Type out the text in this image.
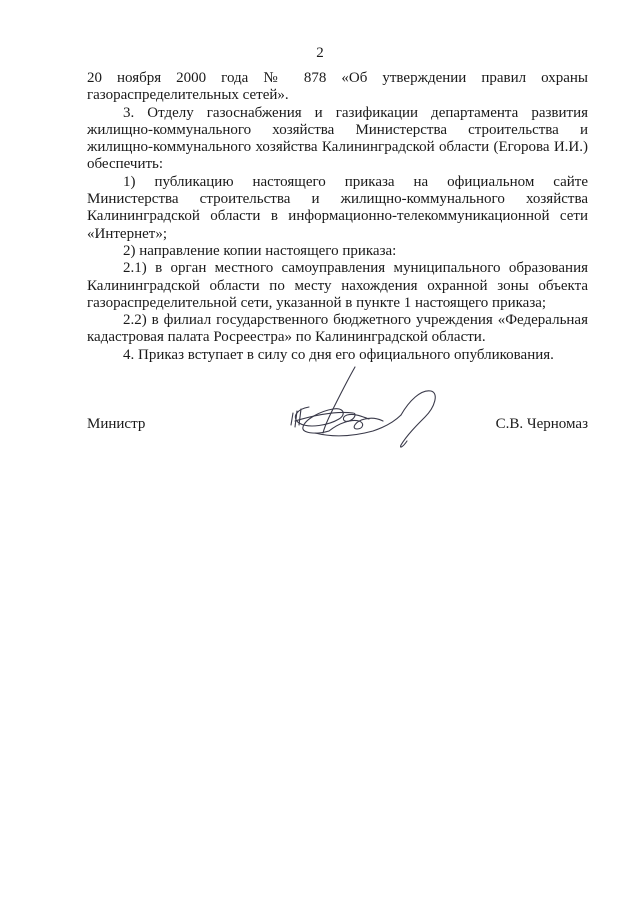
2

20 ноября 2000 года № 878 «Об утверждении правил охраны

газораспределительных сетей».

3. Отделу газоснабжения и газификации департамента развития жилищно-коммунального хозяйства Министерства строительства и жилищно-коммунального хозяйства Калининградской области (Егорова И.И.) обеспечить:

1) публикацию настоящего приказа на официальном сайте Министерства строительства и жилищно-коммунального хозяйства Калининградской области в информационно-телекоммуникационной сети «Интернет»;

2) направление копии настоящего приказа:

2.1) в орган местного самоуправления муниципального образования Калининградской области по месту нахождения охранной зоны объекта газораспределительной сети, указанной в пункте 1 настоящего приказа;

2.2) в филиал государственного бюджетного учреждения «Федеральная кадастровая палата Росреестра» по Калининградской области.

4. Приказ вступает в силу со дня его официального опубликования.

Министр	С.В. Черномаз
